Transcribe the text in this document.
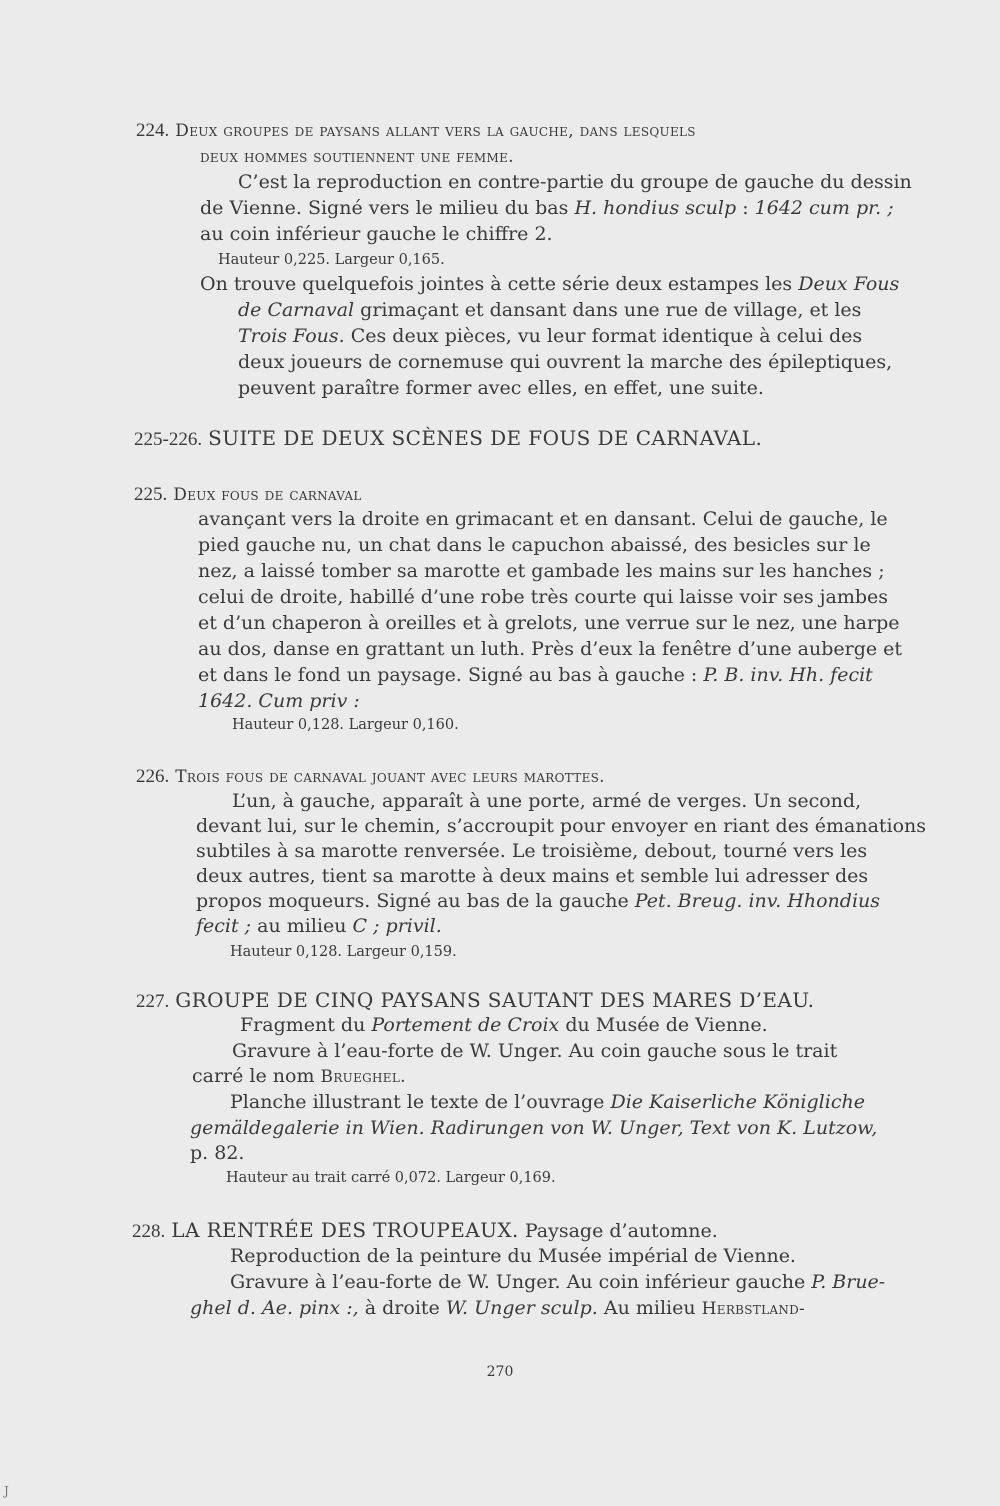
224. Deux groupes de paysans allant vers la gauche, dans lesquels
deux hommes soutiennent une femme.
C’est la reproduction en contre-partie du groupe de gauche du dessin
de Vienne. Signé vers le milieu du bas H. hondius sculp : 1642 cum pr. ;
au coin inférieur gauche le chiffre 2.
Hauteur 0,225. Largeur 0,165.
On trouve quelquefois jointes à cette série deux estampes les Deux Fous
de Carnaval grimaçant et dansant dans une rue de village, et les
Trois Fous. Ces deux pièces, vu leur format identique à celui des
deux joueurs de cornemuse qui ouvrent la marche des épileptiques,
peuvent paraître former avec elles, en effet, une suite.
225-226. SUITE DE DEUX SCÈNES DE FOUS DE CARNAVAL.
225. Deux fous de carnaval
avançant vers la droite en grimacant et en dansant. Celui de gauche, le
pied gauche nu, un chat dans le capuchon abaissé, des besicles sur le
nez, a laissé tomber sa marotte et gambade les mains sur les hanches ;
celui de droite, habillé d’une robe très courte qui laisse voir ses jambes
et d’un chaperon à oreilles et à grelots, une verrue sur le nez, une harpe
au dos, danse en grattant un luth. Près d’eux la fenêtre d’une auberge et
et dans le fond un paysage. Signé au bas à gauche : P. B. inv. Hh. fecit
1642. Cum priv :
Hauteur 0,128. Largeur 0,160.
226. Trois fous de carnaval jouant avec leurs marottes.
L’un, à gauche, apparaît à une porte, armé de verges. Un second,
devant lui, sur le chemin, s’accroupit pour envoyer en riant des émanations
subtiles à sa marotte renversée. Le troisième, debout, tourné vers les
deux autres, tient sa marotte à deux mains et semble lui adresser des
propos moqueurs. Signé au bas de la gauche Pet. Breug. inv. Hhondius
fecit ; au milieu C ; privil.
Hauteur 0,128. Largeur 0,159.
227. GROUPE DE CINQ PAYSANS SAUTANT DES MARES D’EAU.
Fragment du Portement de Croix du Musée de Vienne.
Gravure à l’eau-forte de W. Unger. Au coin gauche sous le trait
carré le nom Brueghel.
Planche illustrant le texte de l’ouvrage Die Kaiserliche Königliche
gemäldegalerie in Wien. Radirungen von W. Unger, Text von K. Lutzow,
p. 82.
Hauteur au trait carré 0,072. Largeur 0,169.
228. LA RENTRÉE DES TROUPEAUX. Paysage d’automne.
Reproduction de la peinture du Musée impérial de Vienne.
Gravure à l’eau-forte de W. Unger. Au coin inférieur gauche P. Brue-
ghel d. Ae. pinx :, à droite W. Unger sculp. Au milieu Herbstland-
270
J
